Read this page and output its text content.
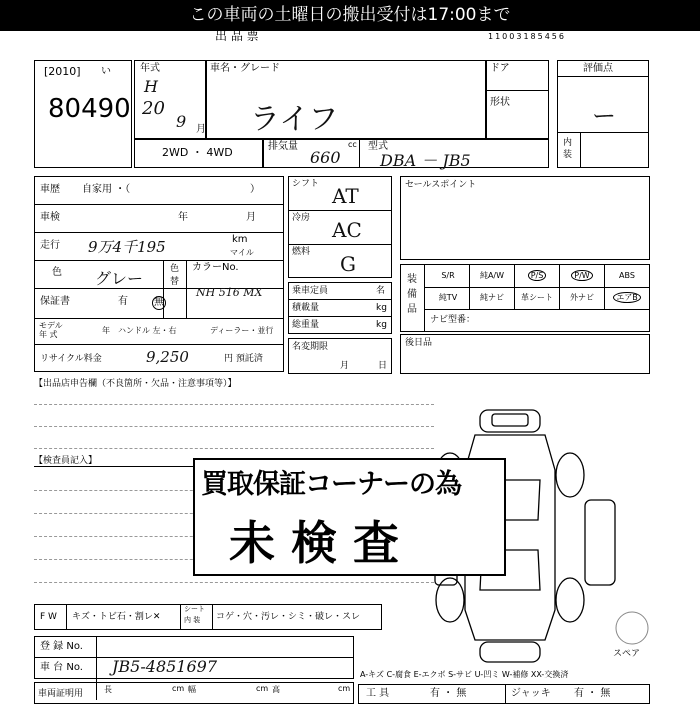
この車両の土曜日の搬出受付は17:00まで
出 品 票	11003185456
[2010] い
80490
年式
H
20
9 月
車名・グレード
ライフ
ドア
形状
2WD ・ 4WD	排気量	cc
660
型式
DBA － JB5
評価点
ー
内装
車歴 自家用 ・（	）
車検	年	月
走行 9万4千195	km
マイル
色 グレー	色
替
カラーNo.
NH 516 MX
保証書	有	無
モデル
年 式	年 ハンドル 左・右	ディーラー・並行
リサイクル料金	9,250	円 預託済
シフト AT
冷房 AC
燃料 G
乗車定員	名
積載量	kg
総重量	kg
名変期限
月	日
セールスポイント
装備品
S/R	純A/W	P/S	P/W	ABS
純TV	純ナビ	革シート	外ナビ	エアB
ナビ型番：
後日品
【出品店申告欄（不良箇所・欠品・注意事項等）】
【検査員記入】
買取保証コーナーの為
未 検 査
F W キズ・トビ石・割レ✕
シート
内 装 コゲ・穴・汚レ・シミ・破レ・スレ
登 録 No.
車 台 No. JB5-4851697
車両証明用	長	cm 幅	cm 高	cm
スペア
A-キズ C-腐食 E-エクボ S-サビ U-凹ミ W-補修 XX-交換済
工 具	有 ・ 無	ジャッキ 有 ・ 無
